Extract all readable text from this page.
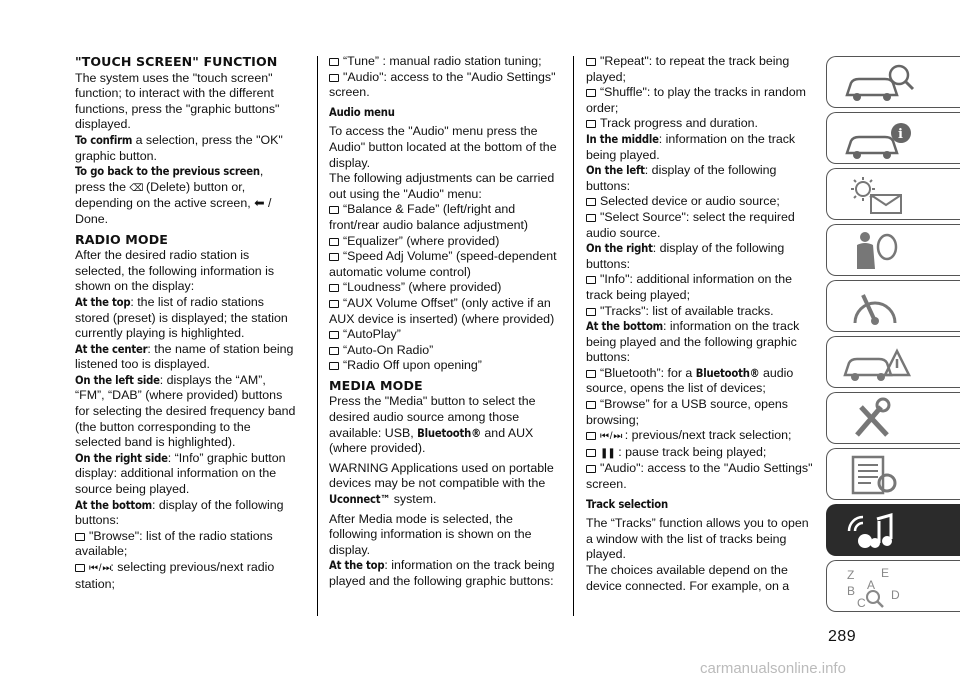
"TOUCH SCREEN" FUNCTION

The system uses the "touch screen" function; to interact with the different functions, press the "graphic buttons" displayed.

To confirm a selection, press the "OK" graphic button.

To go back to the previous screen, press the ⌫ (Delete) button or, depending on the active screen, ⬅ / Done.

RADIO MODE

After the desired radio station is selected, the following information is shown on the display:

At the top: the list of radio stations stored (preset) is displayed; the station currently playing is highlighted.

At the center: the name of station being listened too is displayed.

On the left side: displays the “AM”, “FM”, “DAB” (where provided) buttons for selecting the desired frequency band (the button corresponding to the selected band is highlighted).

On the right side: “Info” graphic button display: additional information on the source being played.

At the bottom: display of the following buttons:

"Browse": list of the radio stations available;

⏮ / ⏭: selecting previous/next radio station;

“Tune” : manual radio station tuning;

"Audio": access to the "Audio Settings" screen.

Audio menu

To access the "Audio" menu press the Audio" button located at the bottom of the display.

The following adjustments can be carried out using the "Audio" menu:

“Balance & Fade” (left/right and front/rear audio balance adjustment)

“Equalizer” (where provided)

“Speed Adj Volume” (speed-dependent automatic volume control)

“Loudness” (where provided)

“AUX Volume Offset” (only active if an AUX device is inserted) (where provided)

“AutoPlay”

“Auto-On Radio”

“Radio Off upon opening”

MEDIA MODE

Press the "Media" button to select the desired audio source among those available: USB, Bluetooth® and AUX (where provided).

WARNING Applications used on portable devices may be not compatible with the Uconnect™ system.

After Media mode is selected, the following information is shown on the display.

At the top: information on the track being played and the following graphic buttons:

"Repeat": to repeat the track being played;

“Shuffle": to play the tracks in random order;

Track progress and duration.

In the middle: information on the track being played.

On the left: display of the following buttons:

Selected device or audio source;

"Select Source": select the required audio source.

On the right: display of the following buttons:

"Info": additional information on the track being played;

"Tracks": list of available tracks.

At the bottom: information on the track being played and the following graphic buttons:

“Bluetooth”: for a Bluetooth® audio source, opens the list of devices;

“Browse” for a USB source, opens browsing;

⏮ / ⏭ : previous/next track selection;

❚❚ : pause track being played;

"Audio": access to the "Audio Settings" screen.

Track selection

The “Tracks” function allows you to open a window with the list of tracks being played.

The choices available depend on the device connected. For example, on a

i
Z E
B A
C
D
289
carmanualsonline.info
